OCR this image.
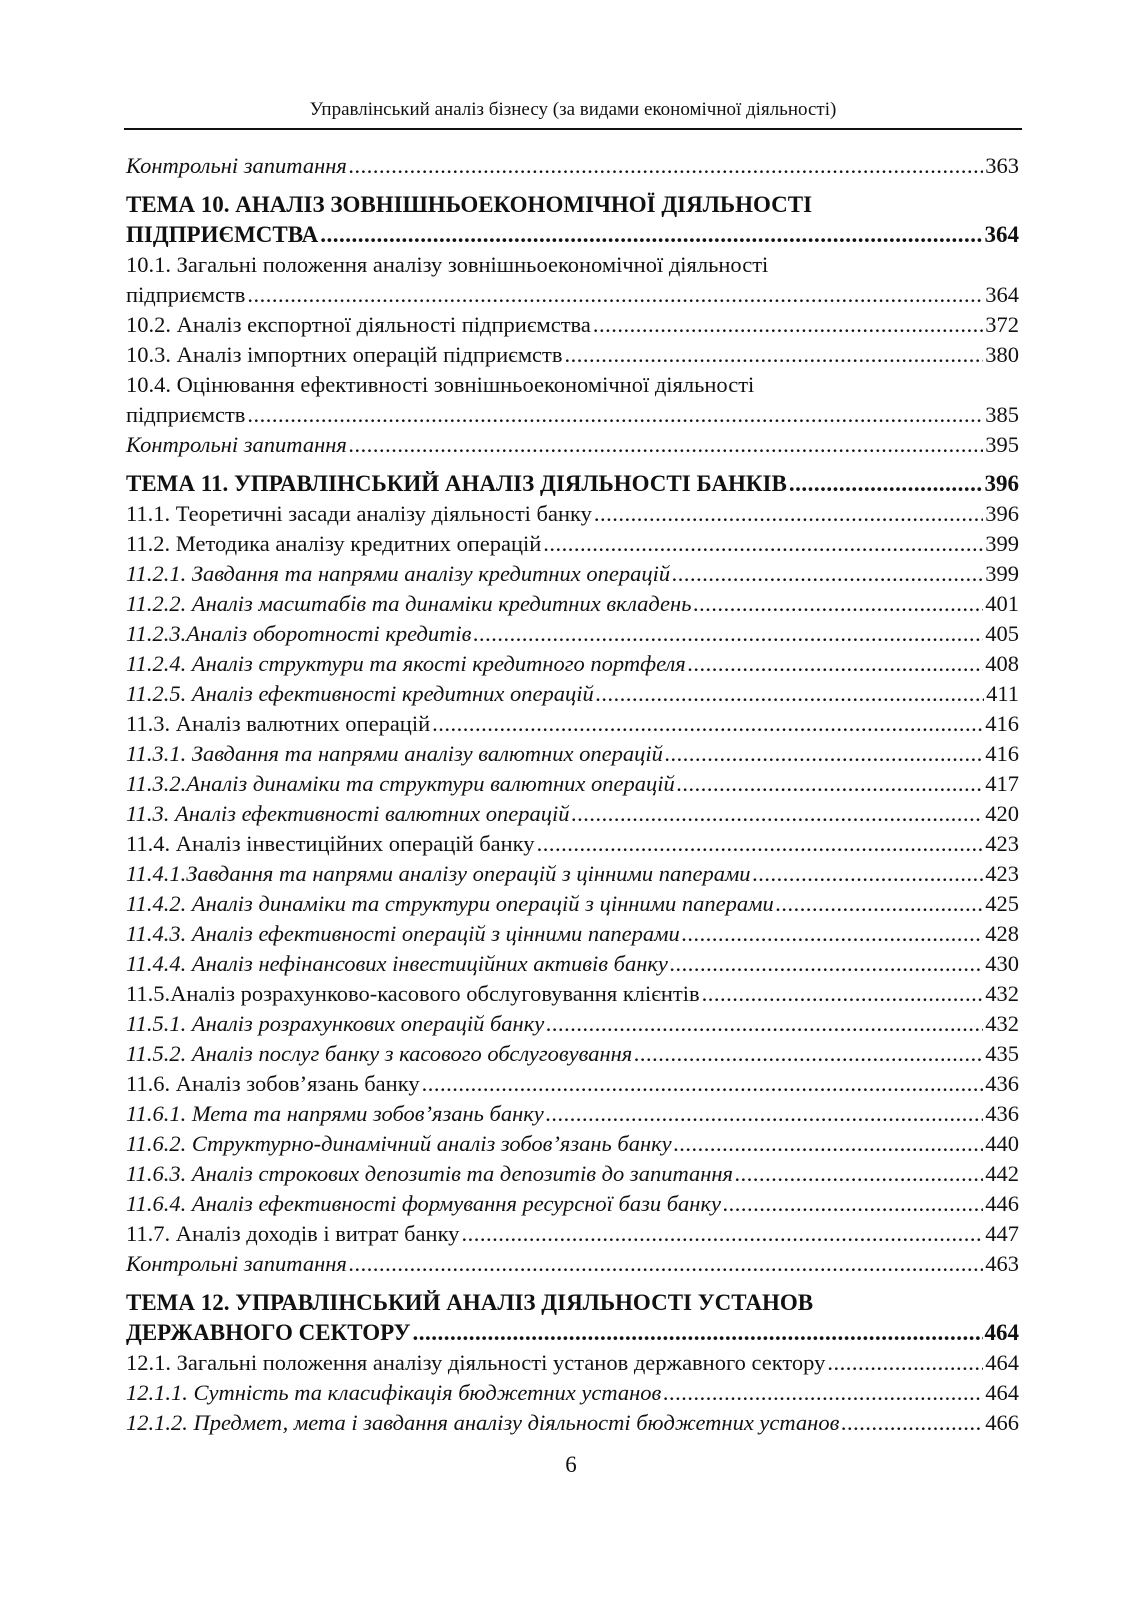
Управлінський аналіз бізнесу (за видами економічної діяльності)
Контрольні запитання .....	363
ТЕМА 10. АНАЛІЗ ЗОВНІШНЬОЕКОНОМІЧНОЇ ДІЯЛЬНОСТІ
ПІДПРИЄМСТВА .....	364
10.1. Загальні положення аналізу зовнішньоекономічної діяльності
підприємств .....	364
10.2. Аналіз експортної діяльності підприємства .....	372
10.3. Аналіз імпортних операцій підприємств .....	380
10.4. Оцінювання ефективності зовнішньоекономічної діяльності
підприємств .....	385
Контрольні запитання .....	395
ТЕМА 11. УПРАВЛІНСЬКИЙ АНАЛІЗ ДІЯЛЬНОСТІ БАНКІВ .....	396
11.1. Теоретичні засади аналізу діяльності банку .....	396
11.2. Методика аналізу кредитних операцій .....	399
11.2.1. Завдання та напрями аналізу кредитних операцій .....	399
11.2.2. Аналіз масштабів та динаміки кредитних вкладень .....	401
11.2.3.Аналіз оборотності кредитів .....	405
11.2.4. Аналіз структури та якості кредитного портфеля .....	408
11.2.5. Аналіз ефективності кредитних операцій .....	411
11.3. Аналіз валютних операцій .....	416
11.3.1. Завдання та напрями аналізу валютних операцій .....	416
11.3.2.Аналіз динаміки та структури валютних операцій .....	417
11.3. Аналіз ефективності валютних операцій .....	420
11.4. Аналіз інвестиційних операцій банку .....	423
11.4.1.Завдання та напрями аналізу операцій з цінними паперами .....	423
11.4.2. Аналіз динаміки та структури операцій з цінними паперами .....	425
11.4.3. Аналіз ефективності операцій з цінними паперами .....	428
11.4.4. Аналіз нефінансових інвестиційних активів банку .....	430
11.5.Аналіз розрахунково-касового обслуговування клієнтів .....	432
11.5.1. Аналіз розрахункових операцій банку .....	432
11.5.2. Аналіз послуг банку з касового обслуговування .....	435
11.6. Аналіз зобов’язань банку .....	436
11.6.1. Мета та напрями зобов’язань банку .....	436
11.6.2. Структурно-динамічний аналіз зобов’язань банку .....	440
11.6.3. Аналіз строкових депозитів та депозитів до запитання .....	442
11.6.4. Аналіз ефективності формування ресурсної бази банку .....	446
11.7. Аналіз доходів і витрат банку .....	447
Контрольні запитання .....	463
ТЕМА 12. УПРАВЛІНСЬКИЙ АНАЛІЗ ДІЯЛЬНОСТІ УСТАНОВ
ДЕРЖАВНОГО СЕКТОРУ .....	464
12.1. Загальні положення аналізу діяльності установ державного сектору .....	464
12.1.1. Сутність та класифікація бюджетних установ .....	464
12.1.2. Предмет, мета і завдання аналізу діяльності бюджетних установ .....	466
6
